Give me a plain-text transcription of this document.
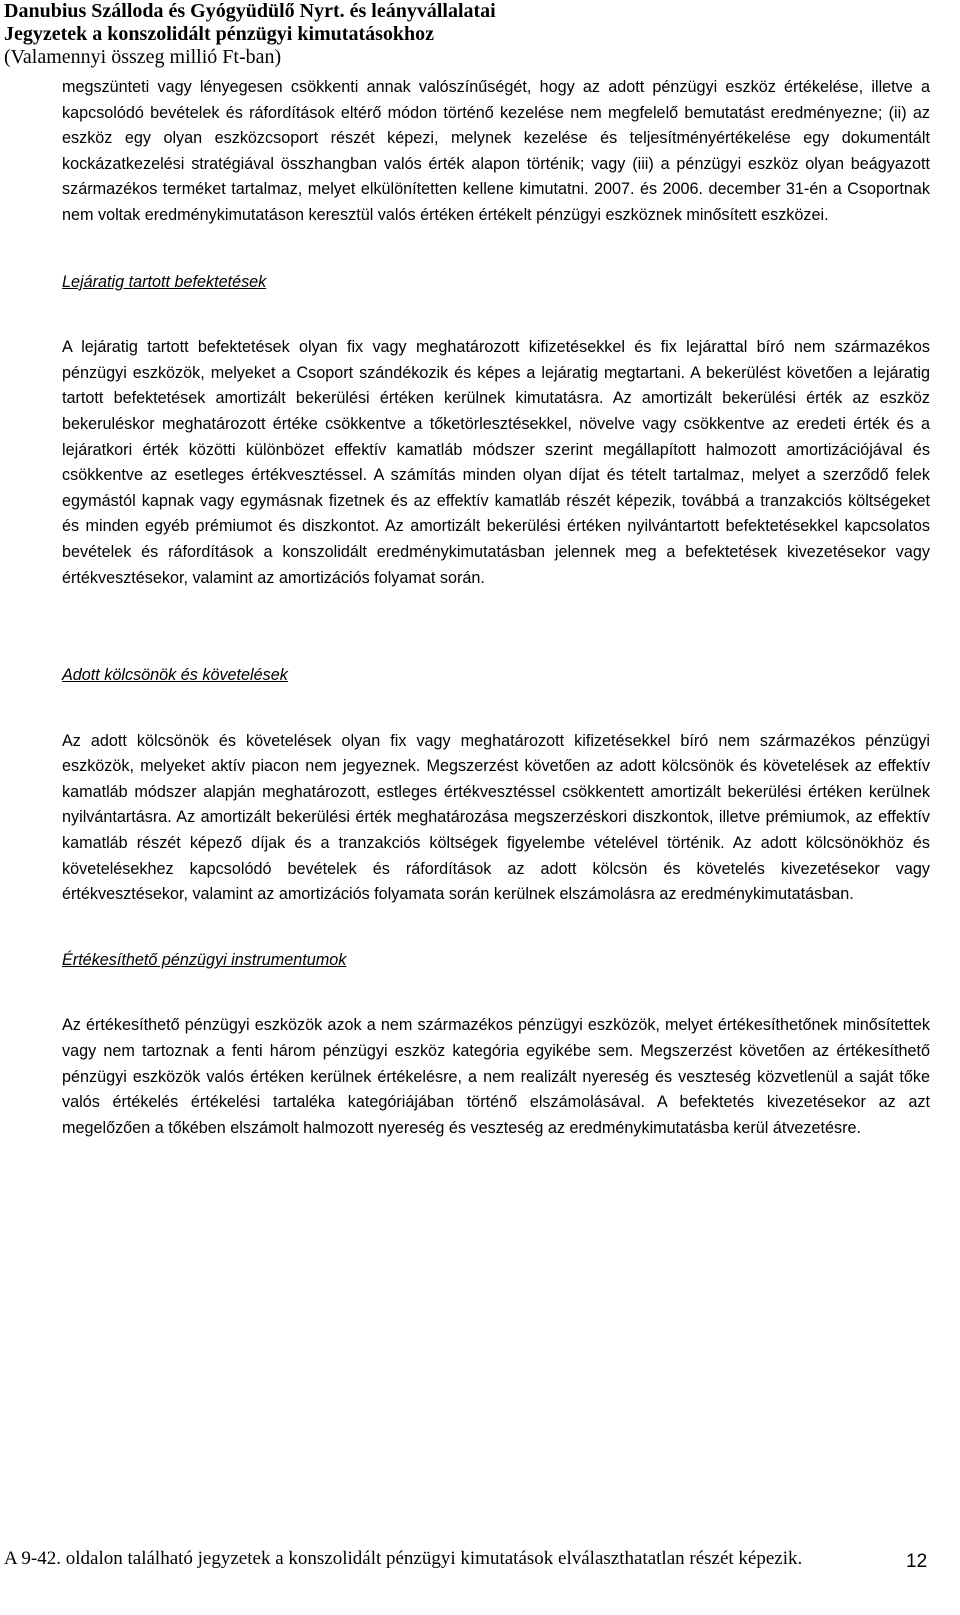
Danubius Szálloda és Gyógyüdülő Nyrt. és leányvállalatai
Jegyzetek a konszolidált pénzügyi kimutatásokhoz
(Valamennyi összeg millió Ft-ban)

megszünteti vagy lényegesen csökkenti annak valószínűségét, hogy az adott pénzügyi eszköz értékelése, illetve a kapcsolódó bevételek és ráfordítások eltérő módon történő kezelése nem megfelelő bemutatást eredményezne; (ii) az eszköz egy olyan eszközcsoport részét képezi, melynek kezelése és teljesítményértékelése egy dokumentált kockázatkezelési stratégiával összhangban valós érték alapon történik; vagy (iii) a pénzügyi eszköz olyan beágyazott származékos terméket tartalmaz, melyet elkülönítetten kellene kimutatni. 2007. és 2006. december 31-én a Csoportnak nem voltak eredménykimutatáson keresztül valós értéken értékelt pénzügyi eszköznek minősített eszközei.

Lejáratig tartott befektetések

A lejáratig tartott befektetések olyan fix vagy meghatározott kifizetésekkel és fix lejárattal bíró nem származékos pénzügyi eszközök, melyeket a Csoport szándékozik és képes a lejáratig megtartani. A bekerülést követően a lejáratig tartott befektetések amortizált bekerülési értéken kerülnek kimutatásra. Az amortizált bekerülési érték az eszköz bekeruléskor meghatározott értéke csökkentve a tőketörlesztésekkel, növelve vagy csökkentve az eredeti érték és a lejáratkori érték közötti különbözet effektív kamatláb módszer szerint megállapított halmozott amortizációjával és csökkentve az esetleges értékvesztéssel. A számítás minden olyan díjat és tételt tartalmaz, melyet a szerződő felek egymástól kapnak vagy egymásnak fizetnek és az effektív kamatláb részét képezik, továbbá a tranzakciós költségeket és minden egyéb prémiumot és diszkontot. Az amortizált bekerülési értéken nyilvántartott befektetésekkel kapcsolatos bevételek és ráfordítások a konszolidált eredménykimutatásban jelennek meg a befektetések kivezetésekor vagy értékvesztésekor, valamint az amortizációs folyamat során.

Adott kölcsönök és követelések

Az adott kölcsönök és követelések olyan fix vagy meghatározott kifizetésekkel bíró nem származékos pénzügyi eszközök, melyeket aktív piacon nem jegyeznek. Megszerzést követően az adott kölcsönök és követelések az effektív kamatláb módszer alapján meghatározott, estleges értékvesztéssel csökkentett amortizált bekerülési értéken kerülnek nyilvántartásra. Az amortizált bekerülési érték meghatározása megszerzéskori diszkontok, illetve prémiumok, az effektív kamatláb részét képező díjak és a tranzakciós költségek figyelembe vételével történik. Az adott kölcsönökhöz és követelésekhez kapcsolódó bevételek és ráfordítások az adott kölcsön és követelés kivezetésekor vagy értékvesztésekor, valamint az amortizációs folyamata során kerülnek elszámolásra az eredménykimutatásban.

Értékesíthető pénzügyi instrumentumok

Az értékesíthető pénzügyi eszközök azok a nem származékos pénzügyi eszközök, melyet értékesíthetőnek minősítettek vagy nem tartoznak a fenti három pénzügyi eszköz kategória egyikébe sem. Megszerzést követően az értékesíthető pénzügyi eszközök valós értéken kerülnek értékelésre, a nem realizált nyereség és veszteség közvetlenül a saját tőke valós értékelés értékelési tartaléka kategóriájában történő elszámolásával. A befektetés kivezetésekor az azt megelőzően a tőkében elszámolt halmozott nyereség és veszteség az eredménykimutatásba kerül átvezetésre.

A 9-42. oldalon található jegyzetek a konszolidált pénzügyi kimutatások elválaszthatatlan részét képezik.	12
